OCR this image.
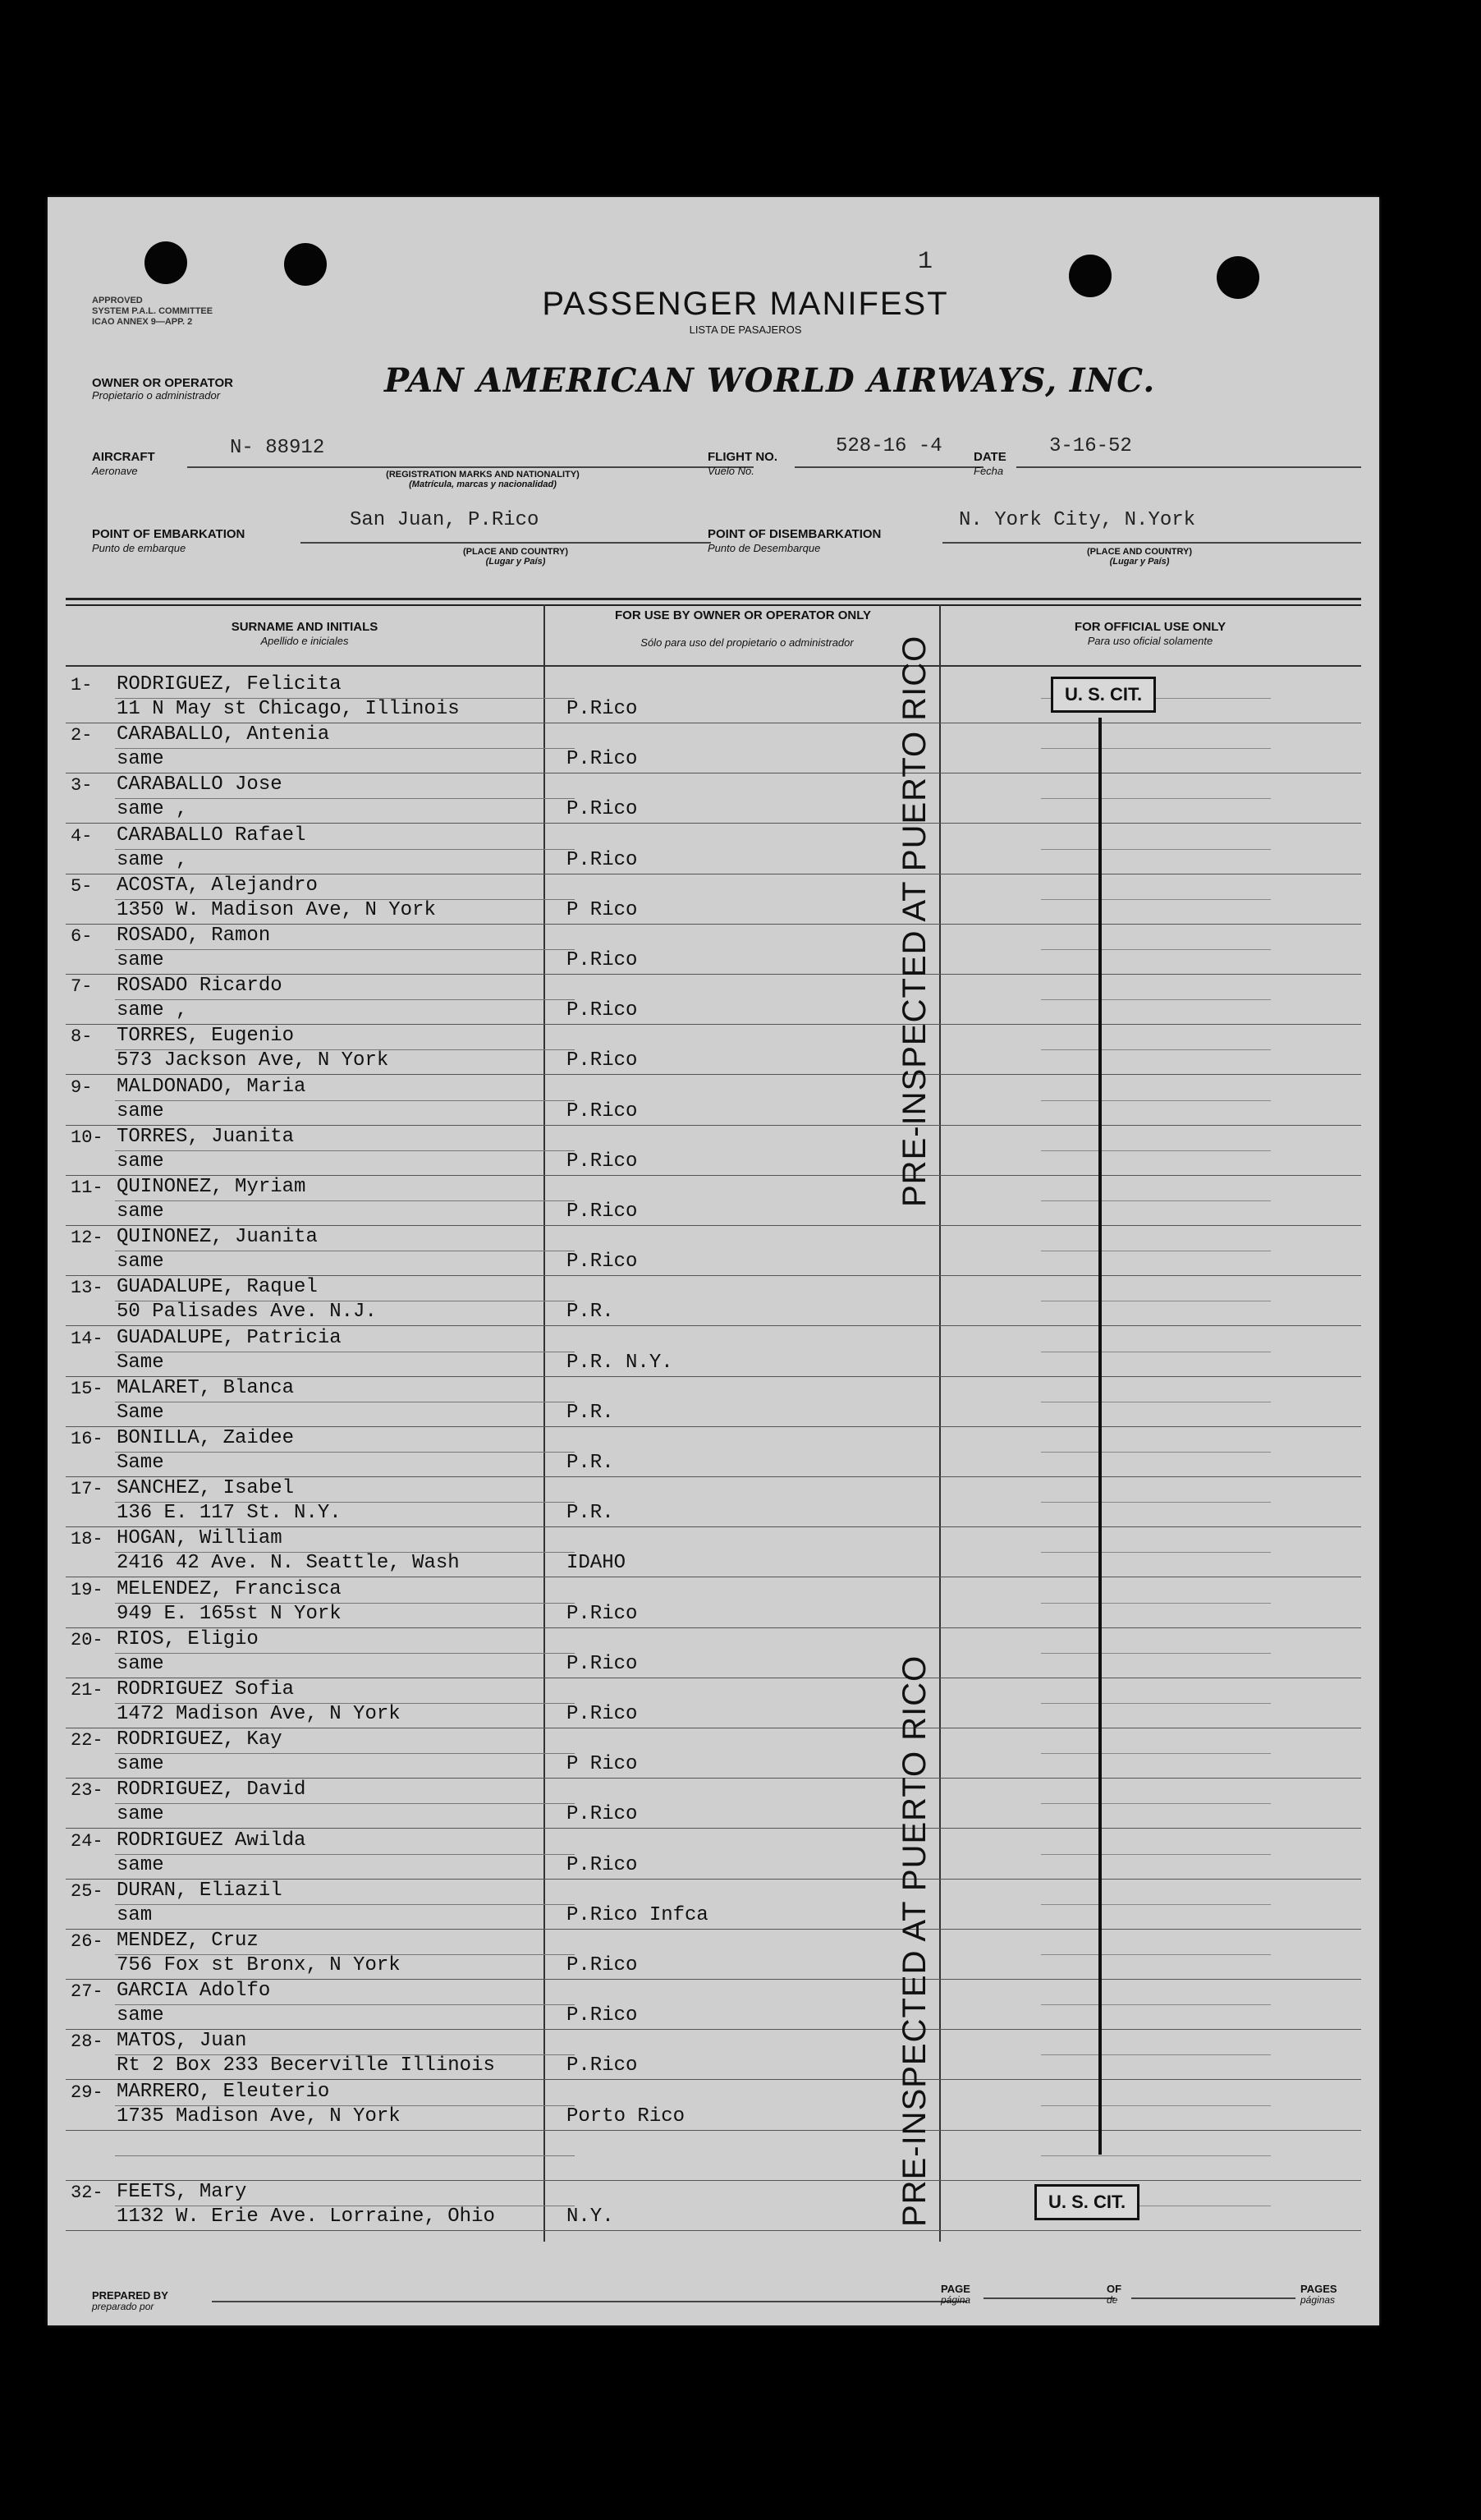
1
APPROVED
SYSTEM P.A.L. COMMITTEE
ICAO ANNEX 9—APP. 2	PASSENGER MANIFEST
LISTA DE PASAJEROS
OWNER OR OPERATOR
Propietario o administrador	PAN AMERICAN WORLD AIRWAYS, INC.
AIRCRAFT
Aeronave
N- 88912
(REGISTRATION MARKS AND NATIONALITY)
(Matrícula, marcas y nacionalidad)
FLIGHT NO.
Vuelo No.
528-16 -4	DATE
Fecha
3-16-52
POINT OF EMBARKATION
Punto de embarque
San Juan, P.Rico
(PLACE AND COUNTRY)
(Lugar y País)
POINT OF DISEMBARKATION
Punto de Desembarque
N. York City, N.York
(PLACE AND COUNTRY)
(Lugar y País)
SURNAME AND INITIALS
Apellido e iniciales
FOR USE BY OWNER OR OPERATOR ONLY
Sólo para uso del propietario o administrador
FOR OFFICIAL USE ONLY
Para uso oficial solamente
1- RODRIGUEZ, Felicita
11 N May st Chicago, Illinois	P.Rico
2- CARABALLO, Antenia
same	P.Rico
3- CARABALLO Jose
same ,	P.Rico
4- CARABALLO Rafael
same ,	P.Rico
5- ACOSTA, Alejandro
1350 W. Madison Ave, N York	P Rico
6- ROSADO, Ramon
same	P.Rico
7- ROSADO Ricardo
same ,	P.Rico
8- TORRES, Eugenio
573 Jackson Ave, N York	P.Rico
9- MALDONADO, Maria
same	P.Rico
10- TORRES, Juanita
same	P.Rico
11- QUINONEZ, Myriam
same	P.Rico
12- QUINONEZ, Juanita
same	P.Rico
13- GUADALUPE, Raquel
50 Palisades Ave. N.J.	P.R.
14- GUADALUPE, Patricia
Same	P.R. N.Y.
15- MALARET, Blanca
Same	P.R.
16- BONILLA, Zaidee
Same	P.R.
17- SANCHEZ, Isabel
136 E. 117 St. N.Y.	P.R.
18- HOGAN, William
2416 42 Ave. N. Seattle, Wash	IDAHO
19- MELENDEZ, Francisca
949 E. 165st N York	P.Rico
20- RIOS, Eligio
same	P.Rico
21- RODRIGUEZ Sofia
1472 Madison Ave, N York	P.Rico
22- RODRIGUEZ, Kay
same	P Rico
23- RODRIGUEZ, David
same	P.Rico
24- RODRIGUEZ Awilda
same	P.Rico
25- DURAN, Eliazil
sam	P.Rico Infca
26- MENDEZ, Cruz
756 Fox st Bronx, N York	P.Rico
27- GARCIA Adolfo
same	P.Rico
28- MATOS, Juan
Rt 2 Box 233 Becerville Illinois	P.Rico
29- MARRERO, Eleuterio
1735 Madison Ave, N York	Porto Rico
32- FEETS, Mary
1132 W. Erie Ave. Lorraine, Ohio	N.Y.
PRE-INSPECTED AT PUERTO RICO
PRE-INSPECTED AT PUERTO RICO
U. S. CIT.
U. S. CIT.
PREPARED BY
preparado por
PAGE
página
OF
de
PAGES
páginas
